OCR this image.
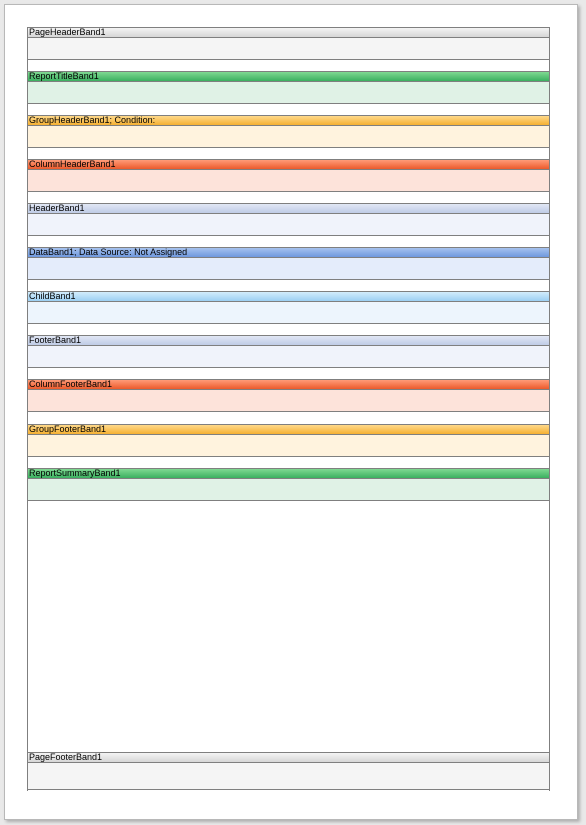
PageHeaderBand1
ReportTitleBand1
GroupHeaderBand1; Condition:
ColumnHeaderBand1
HeaderBand1
DataBand1; Data Source: Not Assigned
ChildBand1
FooterBand1
ColumnFooterBand1
GroupFooterBand1
ReportSummaryBand1
PageFooterBand1
